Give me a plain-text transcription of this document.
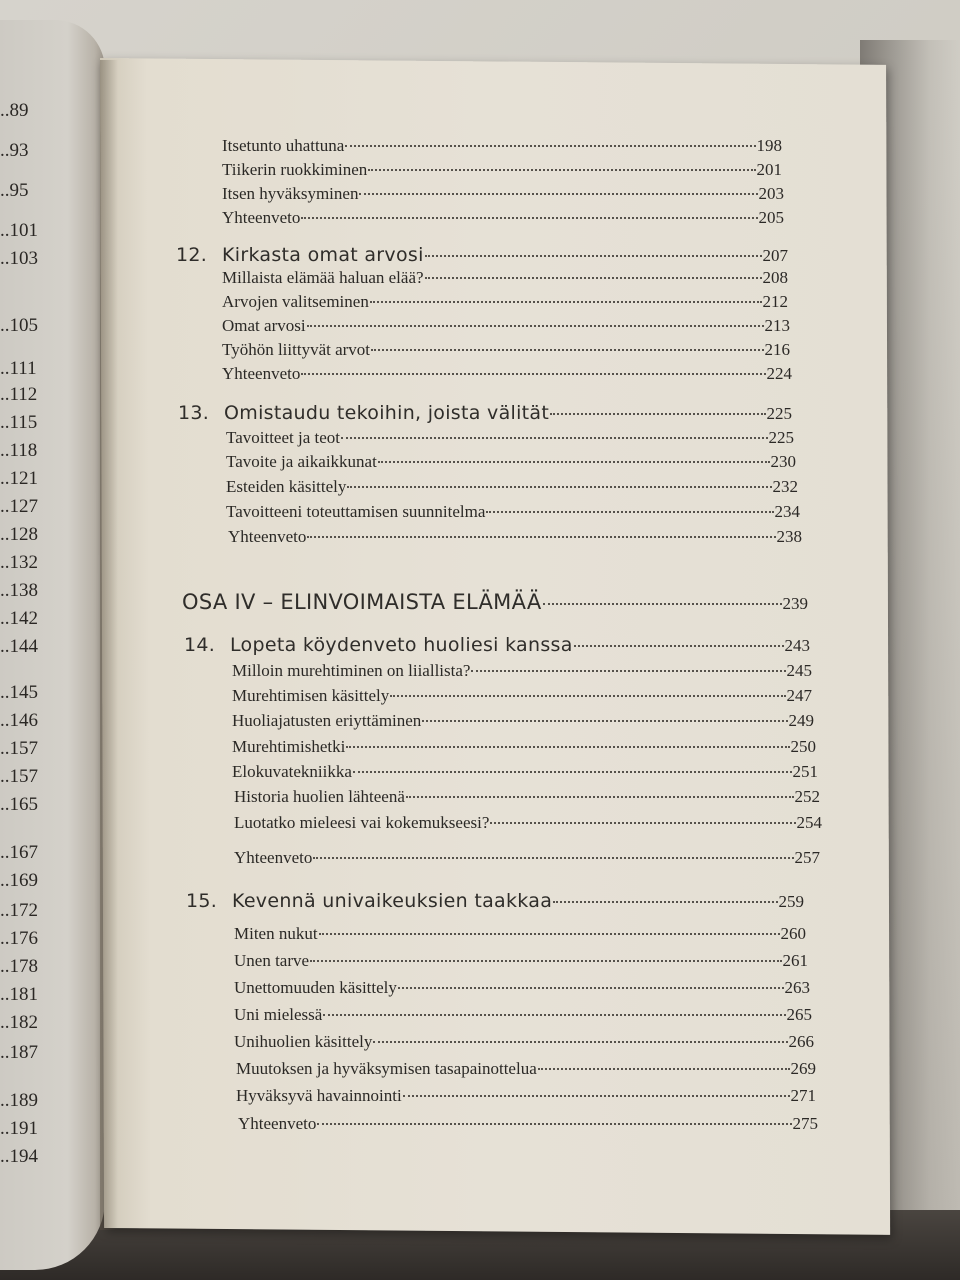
..89
..93
..95
..101
..103
..105
..111
..112
..115
..118
..121
..127
..128
..132
..138
..142
..144
..145
..146
..157
..157
..165
..167
..169
..172
..176
..178
..181
..182
..187
..189
..191
..194
Itsetunto uhattuna	198
Tiikerin ruokkiminen	201
Itsen hyväksyminen	203
Yhteenveto	205
12. Kirkasta omat arvosi	207
Millaista elämää haluan elää?	208
Arvojen valitseminen	212
Omat arvosi	213
Työhön liittyvät arvot	216
Yhteenveto	224
13. Omistaudu tekoihin, joista välität	225
Tavoitteet ja teot	225
Tavoite ja aikaikkunat	230
Esteiden käsittely	232
Tavoitteeni toteuttamisen suunnitelma	234
Yhteenveto	238
OSA IV – ELINVOIMAISTA ELÄMÄÄ	239
14. Lopeta köydenveto huoliesi kanssa	243
Milloin murehtiminen on liiallista?	245
Murehtimisen käsittely	247
Huoliajatusten eriyttäminen	249
Murehtimishetki	250
Elokuvatekniikka	251
Historia huolien lähteenä	252
Luotatko mieleesi vai kokemukseesi?	254
Yhteenveto	257
15. Kevennä univaikeuksien taakkaa	259
Miten nukut	260
Unen tarve	261
Unettomuuden käsittely	263
Uni mielessä	265
Unihuolien käsittely	266
Muutoksen ja hyväksymisen tasapainottelua	269
Hyväksyvä havainnointi	271
Yhteenveto	275
